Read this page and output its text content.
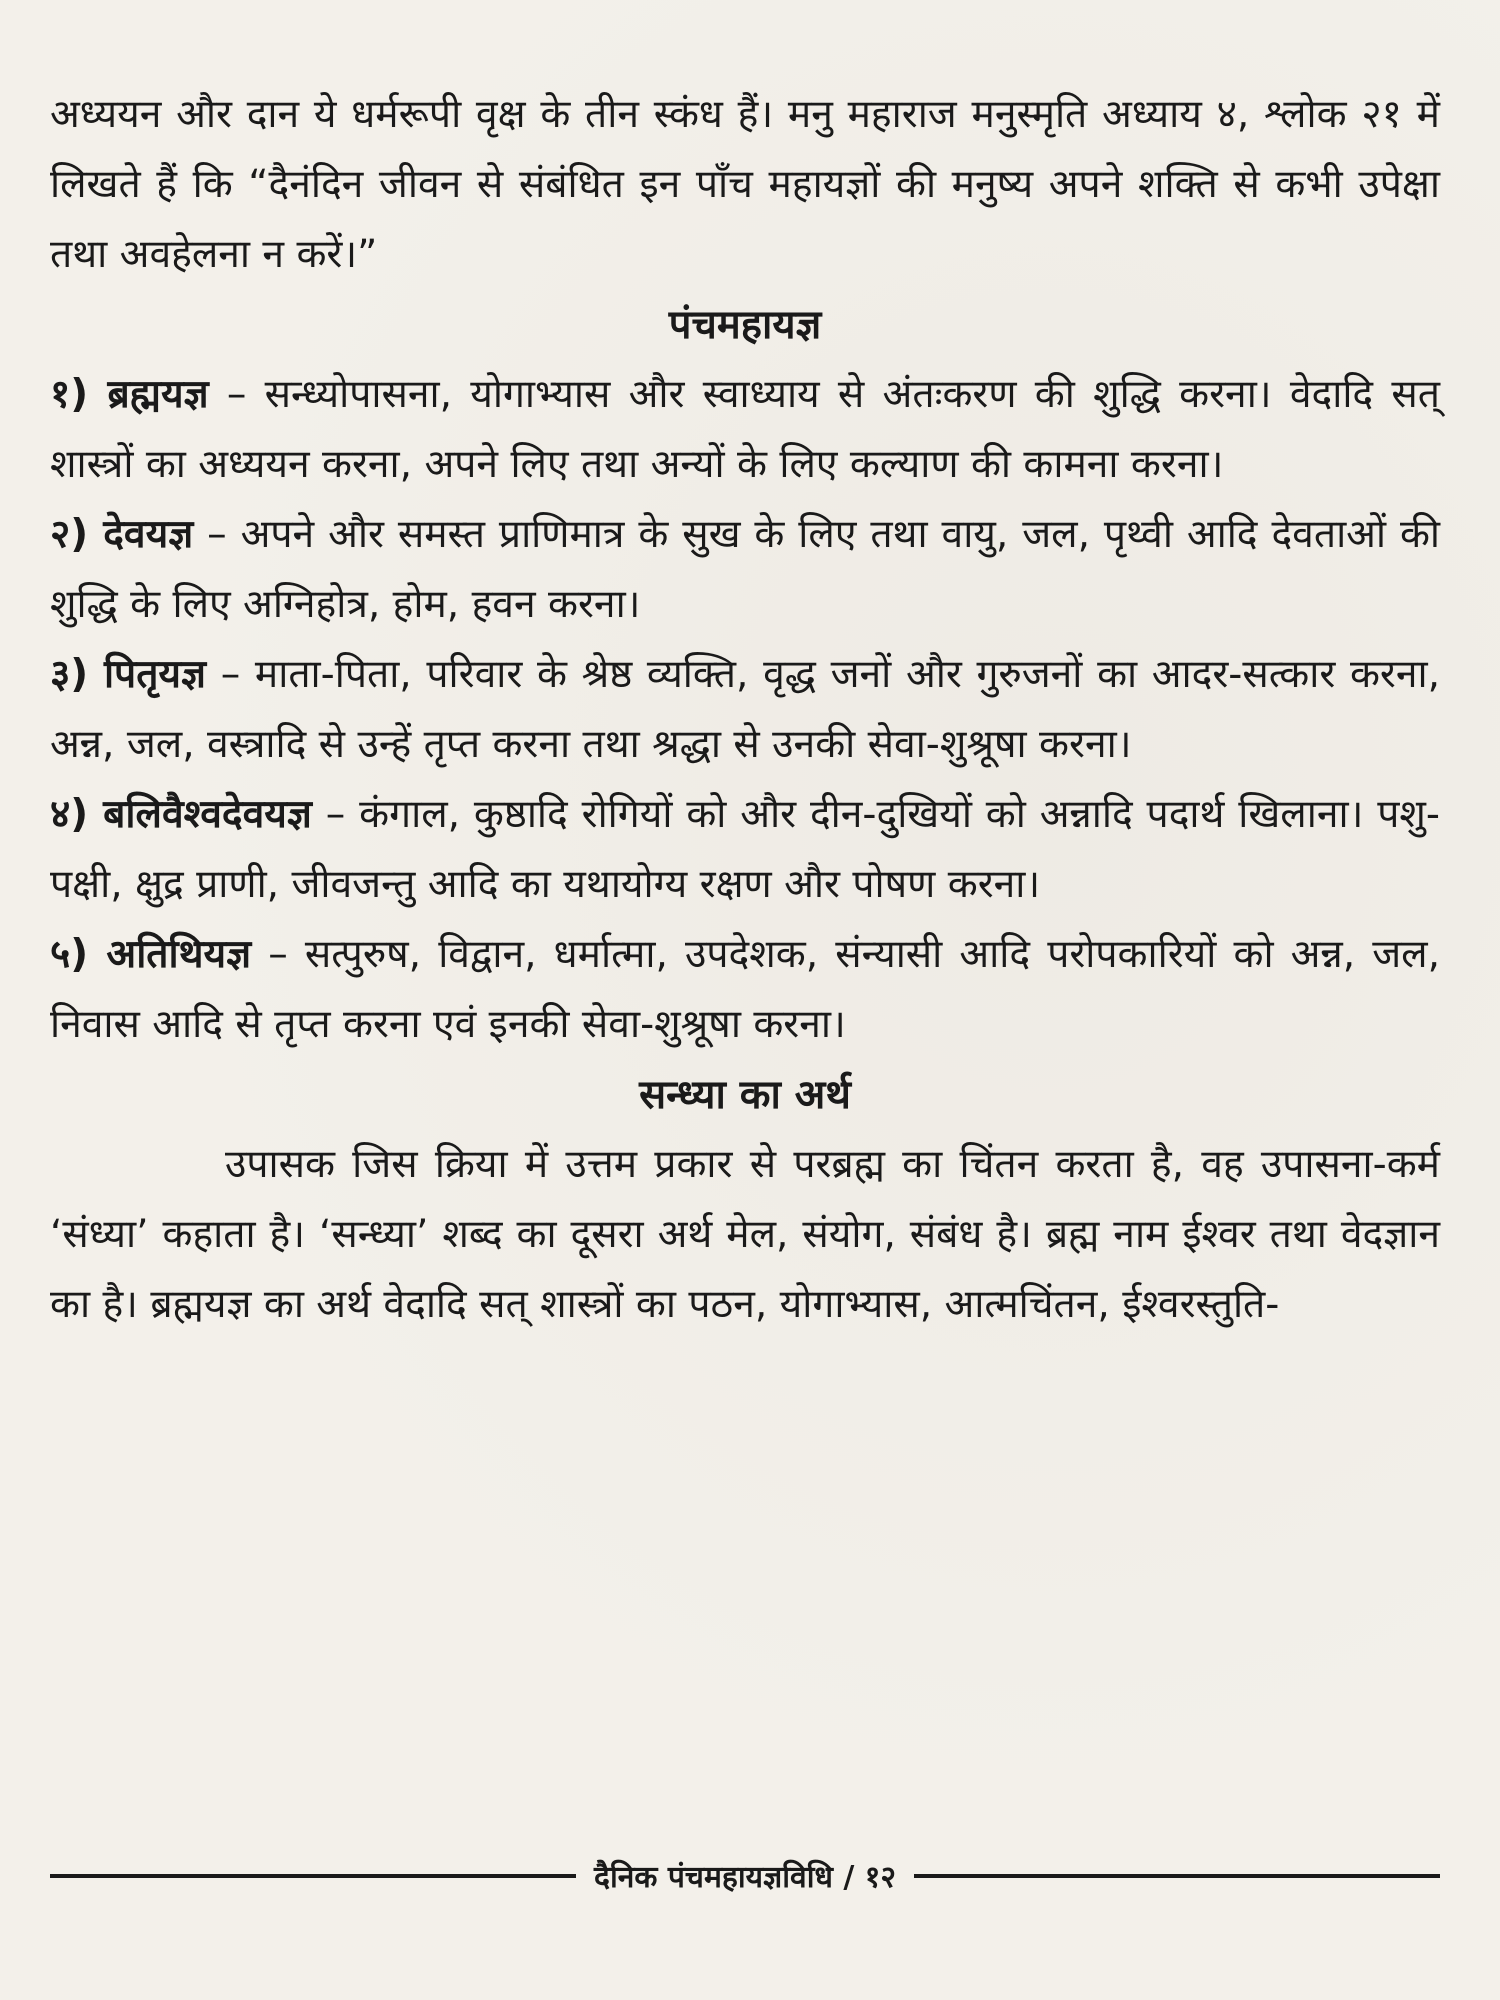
अध्ययन और दान ये धर्मरूपी वृक्ष के तीन स्कंध हैं। मनु महाराज मनुस्मृति अध्याय ४, श्लोक २१ में लिखते हैं कि “दैनंदिन जीवन से संबंधित इन पाँच महायज्ञों की मनुष्य अपने शक्ति से कभी उपेक्षा तथा अवहेलना न करें।”

पंचमहायज्ञ

१) ब्रह्मयज्ञ – सन्ध्योपासना, योगाभ्यास और स्वाध्याय से अंतःकरण की शुद्धि करना। वेदादि सत् शास्त्रों का अध्ययन करना, अपने लिए तथा अन्यों के लिए कल्याण की कामना करना।

२) देवयज्ञ – अपने और समस्त प्राणिमात्र के सुख के लिए तथा वायु, जल, पृथ्वी आदि देवताओं की शुद्धि के लिए अग्निहोत्र, होम, हवन करना।

३) पितृयज्ञ – माता-पिता, परिवार के श्रेष्ठ व्यक्ति, वृद्ध जनों और गुरुजनों का आदर-सत्कार करना, अन्न, जल, वस्त्रादि से उन्हें तृप्त करना तथा श्रद्धा से उनकी सेवा-शुश्रूषा करना।

४) बलिवैश्वदेवयज्ञ – कंगाल, कुष्ठादि रोगियों को और दीन-दुखियों को अन्नादि पदार्थ खिलाना। पशु-पक्षी, क्षुद्र प्राणी, जीवजन्तु आदि का यथायोग्य रक्षण और पोषण करना।

५) अतिथियज्ञ – सत्पुरुष, विद्वान, धर्मात्मा, उपदेशक, संन्यासी आदि परोपकारियों को अन्न, जल, निवास आदि से तृप्त करना एवं इनकी सेवा-शुश्रूषा करना।

सन्ध्या का अर्थ

उपासक जिस क्रिया में उत्तम प्रकार से परब्रह्म का चिंतन करता है, वह उपासना-कर्म ‘संध्या’ कहाता है। ‘सन्ध्या’ शब्द का दूसरा अर्थ मेल, संयोग, संबंध है। ब्रह्म नाम ईश्वर तथा वेदज्ञान का है। ब्रह्मयज्ञ का अर्थ वेदादि सत् शास्त्रों का पठन, योगाभ्यास, आत्मचिंतन, ईश्वरस्तुति-

दैनिक पंचमहायज्ञविधि / १२
